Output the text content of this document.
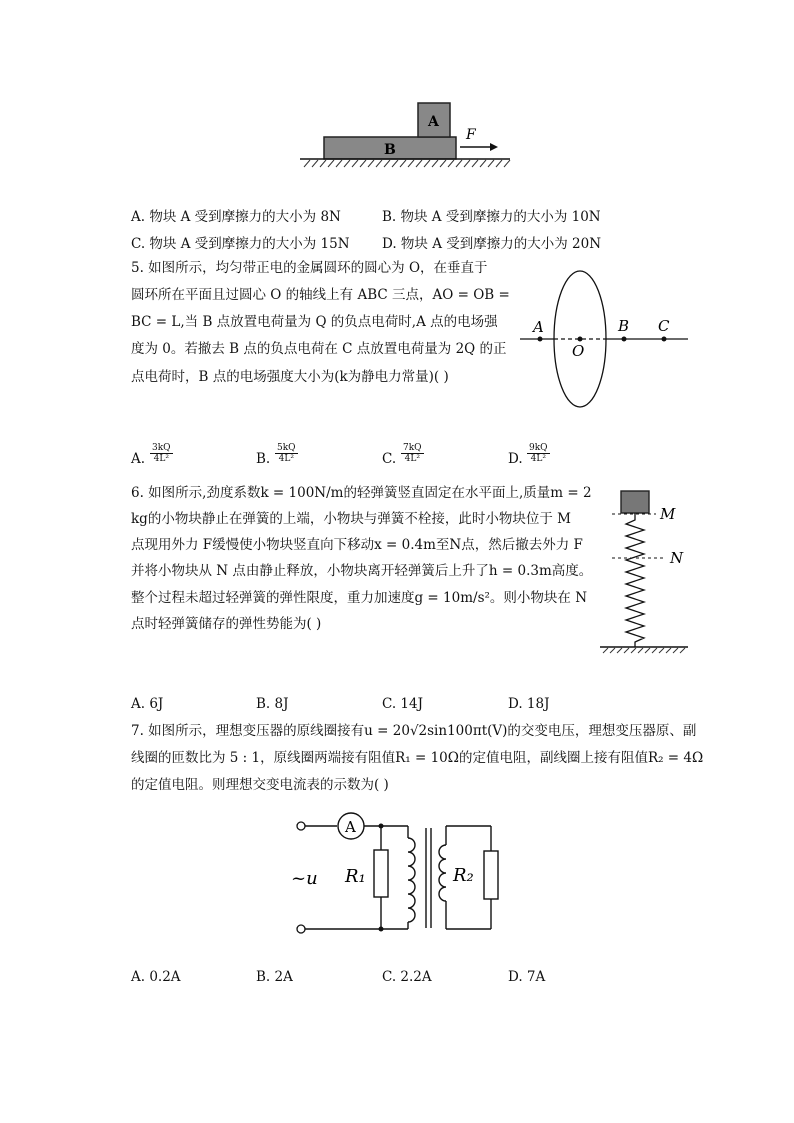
A
B
F
A. 物块 A 受到摩擦力的大小为 8N	B. 物块 A 受到摩擦力的大小为 10N
C. 物块 A 受到摩擦力的大小为 15N D. 物块 A 受到摩擦力的大小为 20N
5. 如图所示，均匀带正电的金属圆环的圆心为 O，在垂直于
圆环所在平面且过圆心 O 的轴线上有 ABC 三点，AO = OB =
BC = L,当 B 点放置电荷量为 Q 的负点电荷时,A 点的电场强
度为 0。若撤去 B 点的负点电荷在 C 点放置电荷量为 2Q 的正
点电荷时，B 点的电场强度大小为(k为静电力常量)( )
A
O
B C
A. $\frac{3kQ}{\text{4L²}}$	B. $\frac{5kQ}{\text{4L²}}$	C. $\frac{7kQ}{\text{4L²}}$	D. $\frac{9kQ}{\text{4L²}}$
6. 如图所示,劲度系数k = 100N/m的轻弹簧竖直固定在水平面上,质量m = 2
kg的小物块静止在弹簧的上端，小物块与弹簧不栓接，此时小物块位于 M
点现用外力 F缓慢使小物块竖直向下移动x = 0.4m至N点，然后撤去外力 F
并将小物块从 N 点由静止释放，小物块离开轻弹簧后上升了h = 0.3m高度。
整个过程未超过轻弹簧的弹性限度，重力加速度g = 10m/s²。则小物块在 N
点时轻弹簧储存的弹性势能为( )
M
N
A. 6J	B. 8J	C. 14J	D. 18J
7. 如图所示，理想变压器的原线圈接有u = 20√2sin100πt(V)的交变电压，理想变压器原、副
线圈的匝数比为 5 : 1，原线圈两端接有阻值R₁ = 10Ω的定值电阻，副线圈上接有阻值R₂ = 4Ω
的定值电阻。则理想交变电流表的示数为( )
A
~u R₁	R₂
A. 0.2A	B. 2A	C. 2.2A	D. 7A
